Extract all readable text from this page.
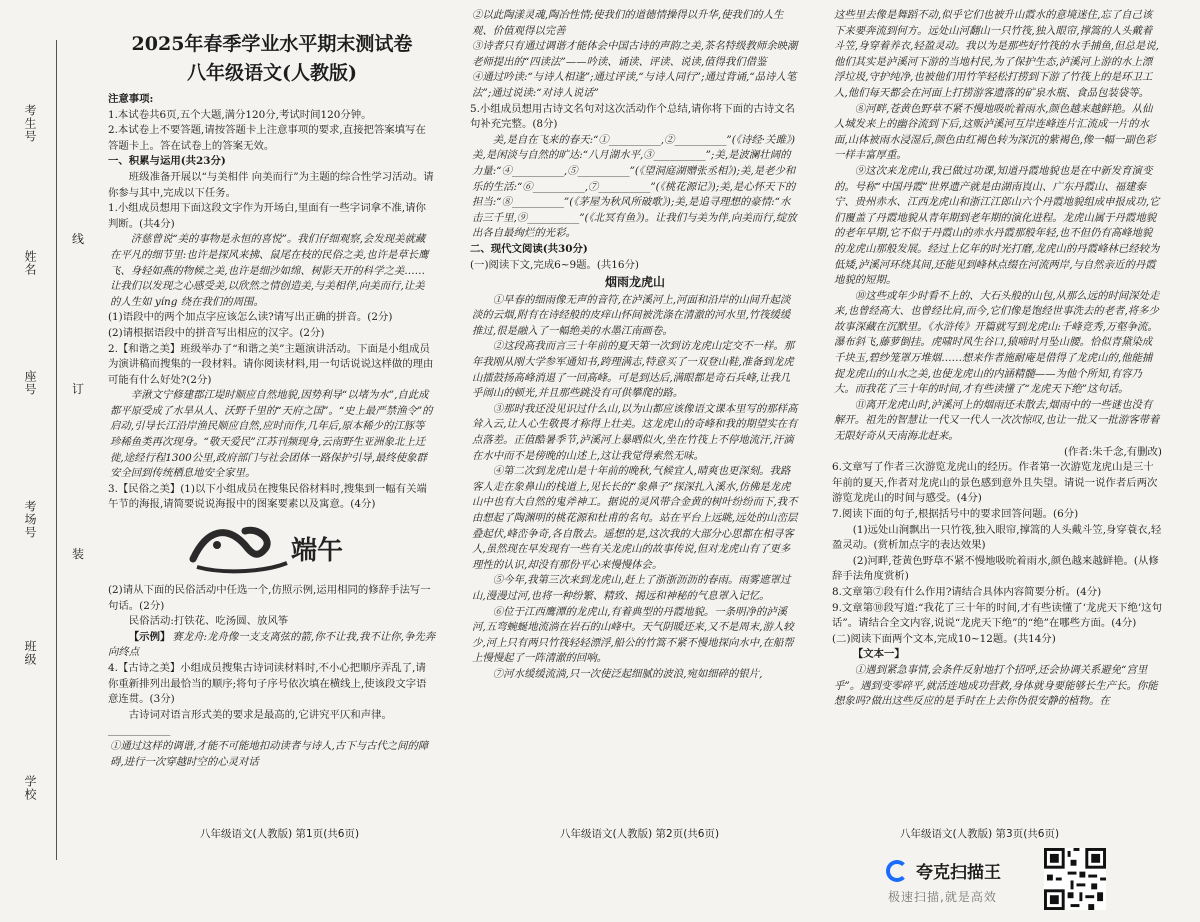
考生号
姓名
座号
考场号
班级
学校
线
订
装
2025年春季学业水平期末测试卷
八年级语文(人教版)

注意事项:

1.本试卷共6页,五个大题,满分120分,考试时间120分钟。

2.本试卷上不要答题,请按答题卡上注意事项的要求,直接把答案填写在答题卡上。答在试卷上的答案无效。

一、积累与运用(共23分)

班级准备开展以“与美相伴 向美而行”为主题的综合性学习活动。请你参与其中,完成以下任务。

1.小组成员想用下面这段文字作为开场白,里面有一些字词拿不准,请你判断。(共4分)

济慈曾说“美的事物是永恒的喜悦”。我们仔细观察,会发现美就藏在平凡的细节里:也许是探风来拂、鼠尾在枝的民俗之美,也许是草长鹰飞、身轻如燕的物候之美,也许是细沙如绵、树影天开的科学之美……让我们以发现之心感受美,以欣然之情创造美,与美相伴,向美而行,让美的人生如 yíng 绕在我们的周围。

(1)语段中的两个加点字应该怎么读?请写出正确的拼音。(2分)

(2)请根据语段中的拼音写出相应的汉字。(2分)

2.【和谐之美】班级举办了“和谐之美”主题演讲活动。下面是小组成员为演讲稿而搜集的一段材料。请你阅读材料,用一句话说说这样做的理由可能有什么好处?(2分)

辛湫文宁修建郡江堤时顺应自然地貌,因势利导“以堵为水”,自此成都平原受成了水旱从人、沃野千里的“天府之国”。“史上最严禁渔令”的启动,引导长江沿岸渔民顺应自然,应时而作,几年后,原本稀少的江豚等珍稀鱼类再次现身。“敬天爱民”江苏刊频现身,云南野生亚洲象北上迁徙,途经行程1300公里,政府部门与社会团体一路保护引导,最终使象群安全回到传统栖息地安全家里。

3.【民俗之美】(1)以下小组成员在搜集民俗材料时,搜集到一幅有关端午节的海报,请简要说说海报中的图案要素以及寓意。(4分)

端午

(2)请从下面的民俗活动中任选一个,仿照示例,运用相同的修辞手法写一句话。(2分)

民俗活动:打铁花、吃汤圆、放风筝

【示例】 赛龙舟:龙舟像一支支离弦的箭,你不让我,我不让你,争先奔向终点

4.【古诗之美】小组成员搜集古诗词读材料时,不小心把顺序弄乱了,请你重新排列出最恰当的顺序;将句子序号依次填在横线上,使该段文字语意连贯。(3分)

古诗词对语言形式美的要求是最高的,它讲究平仄和声律。____________

①通过这样的调谐,才能不可能地扣动读者与诗人,古下与古代之间的障碍,进行一次穿越时空的心灵对话

②以此陶漾灵魂,陶冶性情;使我们的道德情操得以升华,使我们的人生观、价值观得以完善

③诗者只有通过调谐才能体会中国古诗的声韵之美,茶名特级教师余映潮老师提出的“四读法”——吟读、诵读、评读、说读,值得我们借鉴

④通过吟读:“与诗人相逢”;通过评读,“与诗人同行”;通过背诵,“品诗人笔法”;通过说读:“对诗人说话”

5.小组成员想用古诗文名句对这次活动作个总结,请你将下面的古诗文名句补充完整。(8分)

美,是自在飞来的春天:“①__________,②__________”(《诗经·关雎》)美,是闲淡与自然的旷达:“八月湖水平,③__________”;美,是波澜壮阔的力量:“④__________,⑤__________”(《望洞庭湖赠张丞相》);美,是老少和乐的生活:“⑥__________,⑦__________”(《桃花源记》);美,是心怀天下的担当:“⑧__________”(《茅屋为秋风所破歌》);美,是追寻理想的豪情:“水击三千里,⑨__________”(《北冥有鱼》)。让我们与美为伴,向美而行,绽放出各自最绚烂的光彩。

二、现代文阅读(共30分)

(一)阅读下文,完成6~9题。(共16分)

烟雨龙虎山

①早春的细雨像无声的音符,在泸溪河上,河面和沿岸的山间升起淡淡的云烟,附有在诗经般的皮痒山怀间被洗涤在清澈的河水里,竹筏缓缓推过,很是融入了一幅绝美的水墨江南画卷。

②这段高我而言三十年前的夏天第一次到访龙虎山定交不一样。那年我刚从刚大学参军通知书,跨理满志,特意买了一双登山鞋,准备到龙虎山擂鼓扬高峰消退了一回高峰。可是到达后,满眼都是奇石兵峰,让我几乎闹山的顿光,并且那些跳没有可供攀爬的路。

③那时我还没见识过什么山,以为山都应该像语文课本里写的那样高耸入云,让人心生敬畏才称得上壮美。这龙虎山的奇峰和我的期望实在有点落差。正值酷暑季节,泸溪河上暴晒似火,坐在竹筏上不停地流汗,汗滴在水中而不是傍晚的山述上,这让我觉得索然无味。

④第二次到龙虎山是十年前的晚秋,气候宜人,晴爽也更深刻。我路客人走在象鼻山的栈道上,见长长的“象鼻子”探深扎入溪水,仿佛是龙虎山中也有大自然的鬼斧神工。据说的灵风带合金黄的树叶纷纷而下,我不由想起了陶渊明的桃花源和杜甫的名句。站在平台上远眺,远处的山峦层叠起伏,峰峦争奇,各自散去。遥想的是,这次我的大部分心思都在相寻客人,虽然现在早发现有一些有关龙虎山的故事传说,但对龙虎山有了更多理性的认识,却没有那份平心来慢慢体会。

⑤今年,我第三次来到龙虎山,赶上了浙浙沥沥的春雨。雨雾遮罩过山,漫漫过河,也将一种纷繁、精致、揭远和神秘的气息罩入记忆。

⑥位于江西鹰潭的龙虎山,有着典型的丹霞地貌。一条明净的泸溪河,五弯蜿蜒地流淌在岩石的山峰中。天气阴暖还来,又不是周末,游人较少,河上只有两只竹筏轻轻漂浮,船公的竹篙不紧不慢地探向水中,在船帮上慢慢起了一阵清澈的回响。

⑦河水缓缓流淌,只一次使泛起细腻的波浪,宛如细碎的银片,

这些里去像是舞蹈不动,似乎它们也被升山霞水的意境迷住,忘了自己该下来要奔流到何方。远处山河翻山一只竹筏,独入眼帘,撑篙的人头戴着斗笠,身穿着养衣,轻盈灵动。我以为是那些好竹筏的水手捕鱼,但总是说,他们其实是泸溪河下游的当地村民,为了保护生态,泸溪河上游的水上漂浮垃圾,守护纯净,也被他们用竹竿轻松打捞到下游了竹筏上的是环卫工人,他们每天都会在河面上打捞游客遗落的矿泉水瓶、食品包装袋等。

⑧河畔,苍黄色野草不紧不慢地吸吮着雨水,颜色越来越鲜艳。从仙人城发来上的幽谷流到下后,这贩泸溪河互岸连峰连片汇流成一片的水面,山体被雨水浸湿后,颜色由红褐色转为深沉的紫褐色,像一幅一副色彩一样丰富厚重。

⑨这次来龙虎山,我已做过功课,知道丹霞地貌也是在中新发育演变的。号称“中国丹霞”世界遗产就是由湖南崀山、广东丹霞山、福建泰宁、贵州赤水、江西龙虎山和浙江江郎山六个丹霞地貌组成申报成功,它们覆盖了丹霞地貌从青年期到老年期的演化进程。龙虎山属于丹霞地貌的老年早期,它不似于丹霞山的赤水丹霞那般年轻,也不但仍有高峰地貌的龙虎山那般发展。经过上亿年的时光打磨,龙虎山的丹霞峰林已经较为低矮,泸溪河环绕其间,还能见到峰林点缀在河流两岸,与自然亲近的丹霞地貌的短期。

⑩这些或年少时看不上的、大石头般的山包,从那么远的时间深处走来,也曾经高大、也曾经比肩,而今,它们像是饱经世事洗去的老者,将多少故事深藏在沉默里。《水浒传》开篇就写到龙虎山:千峰竞秀,万壑争流。瀑布斜飞,藤萝倒挂。虎啸时风生谷口,猿啼时月坠山腰。恰似青黛染成千块玉,碧纱笼罩万堆烟……想来作者施耐庵是借得了龙虎山的,他能捕捉龙虎山的山水之美,也使龙虎山的内涵精髓——为他个所知,有容乃大。而我花了三十年的时间,才有些读懂了“龙虎天下绝”这句话。

⑪离开龙虎山时,泸溪河上的烟雨还未散去,烟雨中的一些谜也没有解开。祖先的智慧让一代又一代人一次次惊叹,也让一批又一批游客带着无限好奇从天南海北赶来。

(作者:朱千念,有删改)

6.文章写了作者三次游览龙虎山的经历。作者第一次游览龙虎山是三十年前的夏天,作者对龙虎山的景色感到意外且失望。请说一说作者后两次游览龙虎山的时间与感受。(4分)

7.阅读下面的句子,根据括号中的要求回答问题。(6分)

(1)远处山涧飘出一只竹筏,独入眼帘,撑篙的人头戴斗笠,身穿蓑衣,轻盈灵动。(赏析加点字的表达效果)

(2)河畔,苍黄色野草不紧不慢地吸吮着雨水,颜色越来越鲜艳。(从修辞手法角度赏析)

8.文章第⑦段有什么作用?请结合具体内容简要分析。(4分)

9.文章第⑩段写道:“我花了三十年的时间,才有些读懂了‘龙虎天下绝’这句话”。请结合全文内容,说说“龙虎天下绝”的“绝”在哪些方面。(4分)

(二)阅读下面两个文本,完成10~12题。(共14分)

【文本一】

①遇到紧急事情,会条件反射地打个招呼,还会协调关系避免“宫里乎”。遇到变零碎平,就活连地成功营救,身体就身要能够长生产长。你能想象吗?做出这些反应的是手时在上去你伪很安静的植物。在

八年级语文(人教版) 第1页(共6页)	八年级语文(人教版) 第2页(共6页)	八年级语文(人教版) 第3页(共6页)
夸克扫描王
极速扫描,就是高效
